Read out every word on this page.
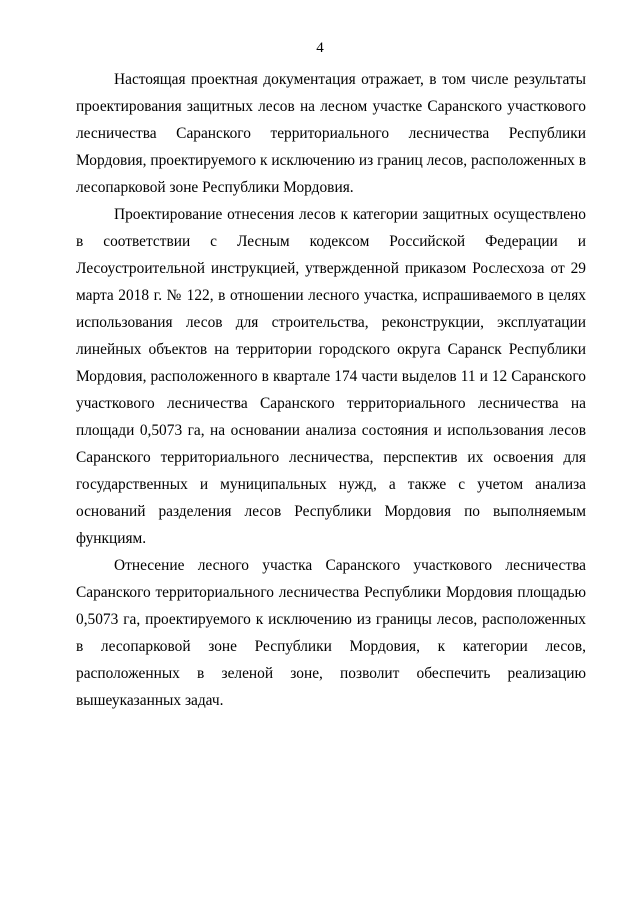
4

Настоящая проектная документация отражает, в том числе результаты проектирования защитных лесов на лесном участке Саранского участкового лесничества Саранского территориального лесничества Республики Мордовия, проектируемого к исключению из границ лесов, расположенных в лесопарковой зоне Республики Мордовия.

Проектирование отнесения лесов к категории защитных осуществлено в соответствии с Лесным кодексом Российской Федерации и Лесоустроительной инструкцией, утвержденной приказом Рослесхоза от 29 марта 2018 г. № 122, в отношении лесного участка, испрашиваемого в целях использования лесов для строительства, реконструкции, эксплуатации линейных объектов на территории городского округа Саранск Республики Мордовия, расположенного в квартале 174 части выделов 11 и 12 Саранского участкового лесничества Саранского территориального лесничества на площади 0,5073 га, на основании анализа состояния и использования лесов Саранского территориального лесничества, перспектив их освоения для государственных и муниципальных нужд, а также с учетом анализа оснований разделения лесов Республики Мордовия по выполняемым функциям.

Отнесение лесного участка Саранского участкового лесничества Саранского территориального лесничества Республики Мордовия площадью 0,5073 га, проектируемого к исключению из границы лесов, расположенных в лесопарковой зоне Республики Мордовия, к категории лесов, расположенных в зеленой зоне, позволит обеспечить реализацию вышеуказанных задач.
